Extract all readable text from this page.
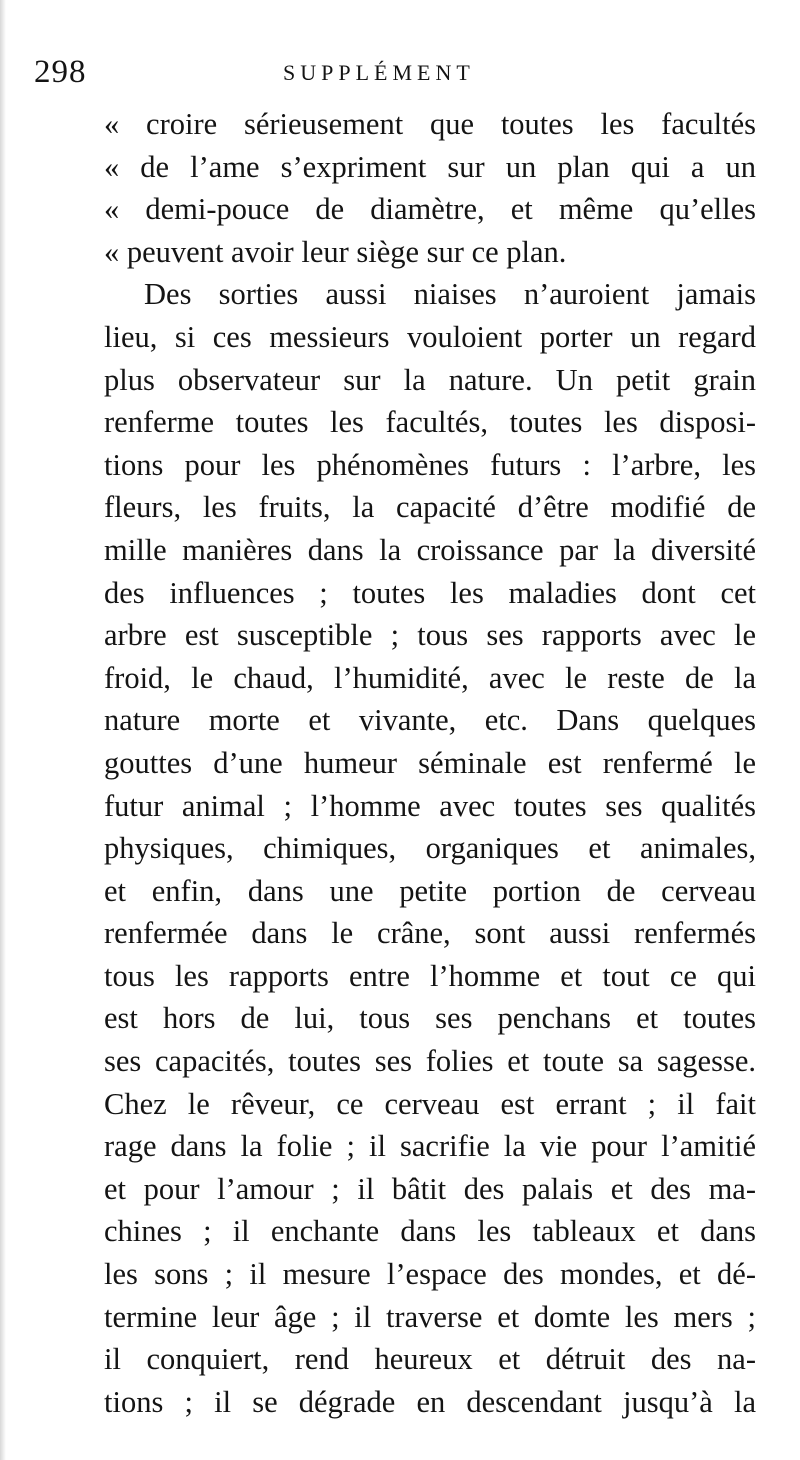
298	SUPPLÉMENT
« croire sérieusement que toutes les facultés
« de l’ame s’expriment sur un plan qui a un
« demi-pouce de diamètre, et même qu’elles
« peuvent avoir leur siège sur ce plan.
Des sorties aussi niaises n’auroient jamais
lieu, si ces messieurs vouloient porter un regard
plus observateur sur la nature. Un petit grain
renferme toutes les facultés, toutes les disposi-
tions pour les phénomènes futurs : l’arbre, les
fleurs, les fruits, la capacité d’être modifié de
mille manières dans la croissance par la diversité
des influences ; toutes les maladies dont cet
arbre est susceptible ; tous ses rapports avec le
froid, le chaud, l’humidité, avec le reste de la
nature morte et vivante, etc. Dans quelques
gouttes d’une humeur séminale est renfermé le
futur animal ; l’homme avec toutes ses qualités
physiques, chimiques, organiques et animales,
et enfin, dans une petite portion de cerveau
renfermée dans le crâne, sont aussi renfermés
tous les rapports entre l’homme et tout ce qui
est hors de lui, tous ses penchans et toutes
ses capacités, toutes ses folies et toute sa sagesse.
Chez le rêveur, ce cerveau est errant ; il fait
rage dans la folie ; il sacrifie la vie pour l’amitié
et pour l’amour ; il bâtit des palais et des ma-
chines ; il enchante dans les tableaux et dans
les sons ; il mesure l’espace des mondes, et dé-
termine leur âge ; il traverse et domte les mers ;
il conquiert, rend heureux et détruit des na-
tions ; il se dégrade en descendant jusqu’à la
